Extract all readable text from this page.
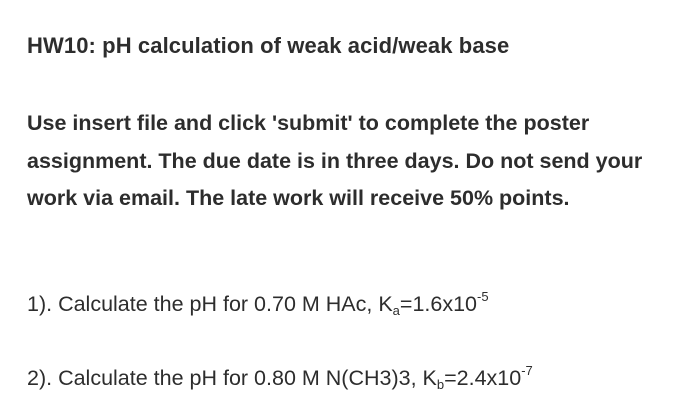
HW10: pH calculation of weak acid/weak base
Use insert file and click 'submit' to complete the poster assignment. The due date is in three days. Do not send your work via email. The late work will receive 50% points.
1). Calculate the pH for 0.70 M HAc, $K_a=1.6x10^{-5}$
2). Calculate the pH for 0.80 M N(CH3)3, $K_b=2.4x10^{-7}$
